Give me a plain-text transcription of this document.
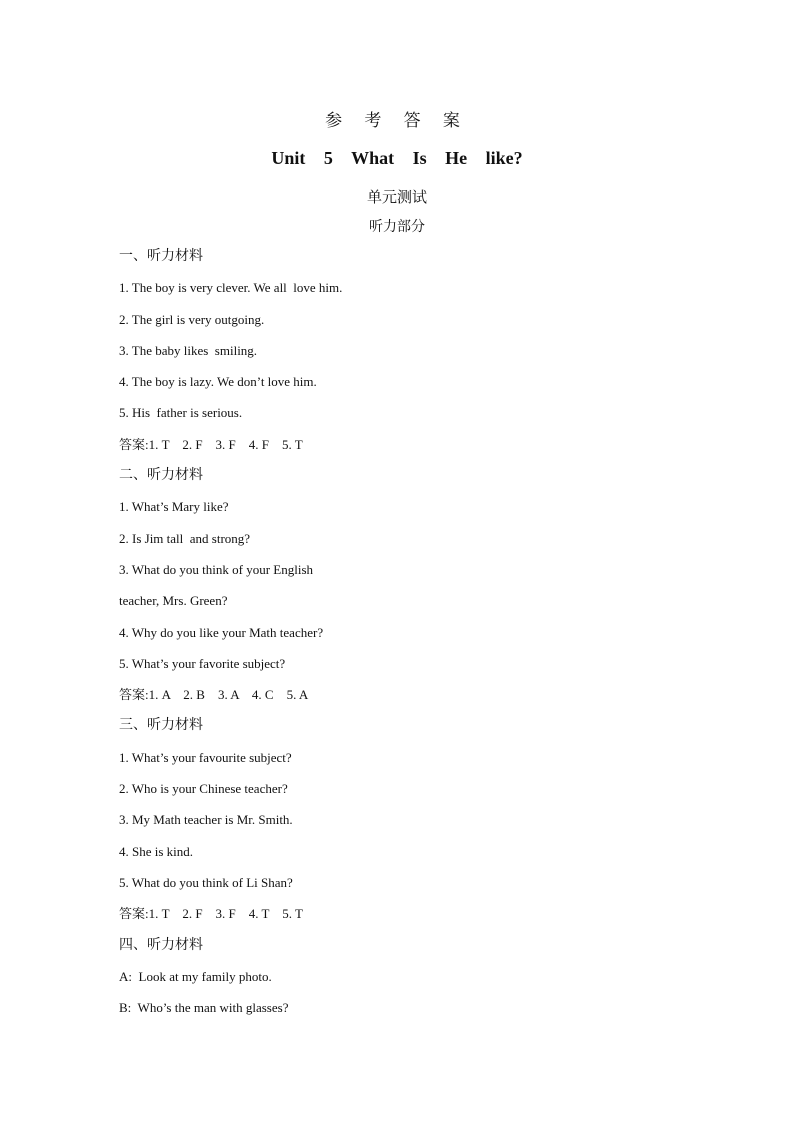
参 考 答 案
Unit 5 What Is He like?
单元测试
听力部分
一、听力材料
1. The boy is very clever. We all  love him.
2. The girl is very outgoing.
3. The baby likes  smiling.
4. The boy is lazy. We don’t love him.
5. His  father is serious.
答案:1. T    2. F    3. F    4. F    5. T
二、听力材料
1. What’s Mary like?
2. Is Jim tall  and strong?
3. What do you think of your English
teacher, Mrs. Green?
4. Why do you like your Math teacher?
5. What’s your favorite subject?
答案:1. A    2. B    3. A    4. C    5. A
三、听力材料
1. What’s your favourite subject?
2. Who is your Chinese teacher?
3. My Math teacher is Mr. Smith.
4. She is kind.
5. What do you think of Li Shan?
答案:1. T    2. F    3. F    4. T    5. T
四、听力材料
A:  Look at my family photo.
B:  Who’s the man with glasses?
